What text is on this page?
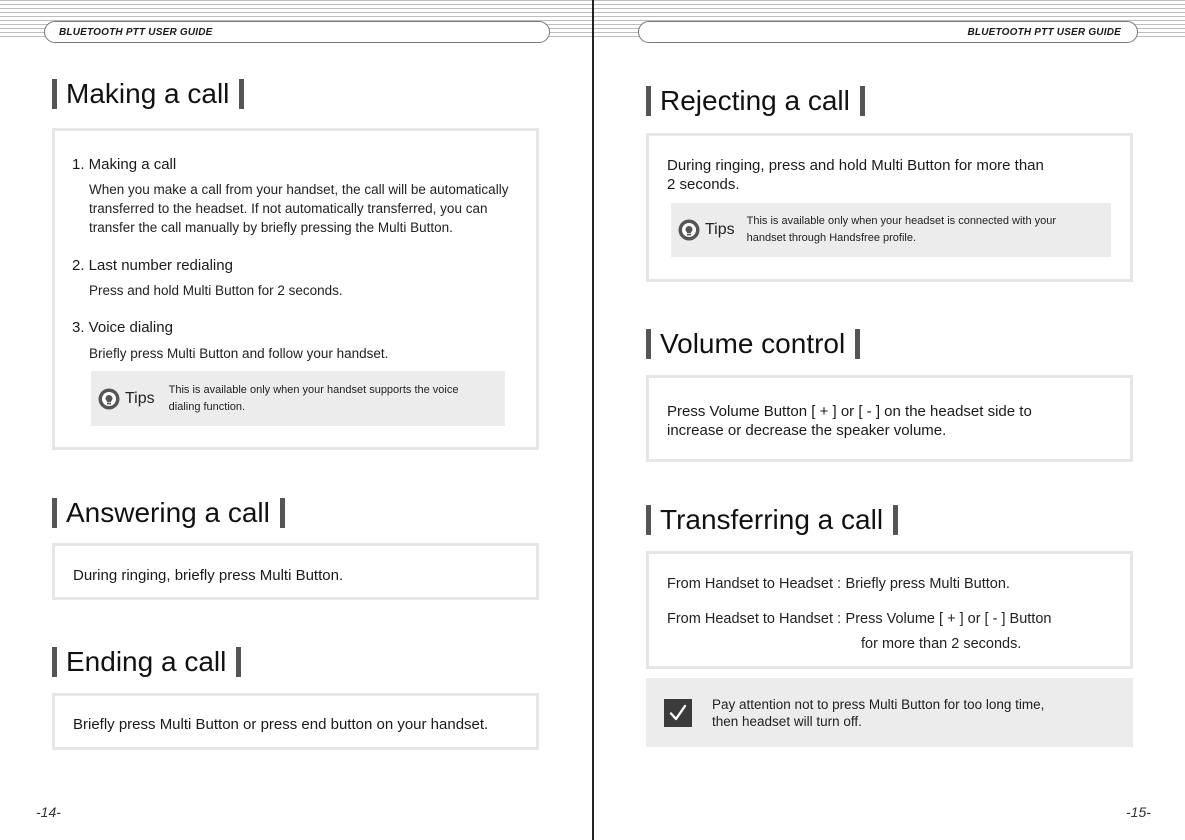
BLUETOOTH PTT USER GUIDE
Making a call
1. Making a call
When you make a call from your handset, the call will be automatically
transferred to the headset. If not automatically transferred, you can
transfer the call manually by briefly pressing the Multi Button.
2. Last number redialing
Press and hold Multi Button for 2 seconds.
3. Voice dialing
Briefly press Multi Button and follow your handset.
Tips This is available only when your handset supports the voice
dialing function.
Answering a call
During ringing, briefly press Multi Button.
Ending a call
Briefly press Multi Button or press end button on your handset.
-14-
BLUETOOTH PTT USER GUIDE
Rejecting a call
During ringing, press and hold Multi Button for more than
2 seconds.
Tips This is available only when your headset is connected with your
handset through Handsfree profile.
Volume control
Press Volume Button [ + ] or [ - ] on the headset side to
increase or decrease the speaker volume.
Transferring a call
From Handset to Headset : Briefly press Multi Button.
From Headset to Handset : Press Volume [ + ] or [ - ] Button
for more than 2 seconds.
Pay attention not to press Multi Button for too long time,
then headset will turn off.
-15-
